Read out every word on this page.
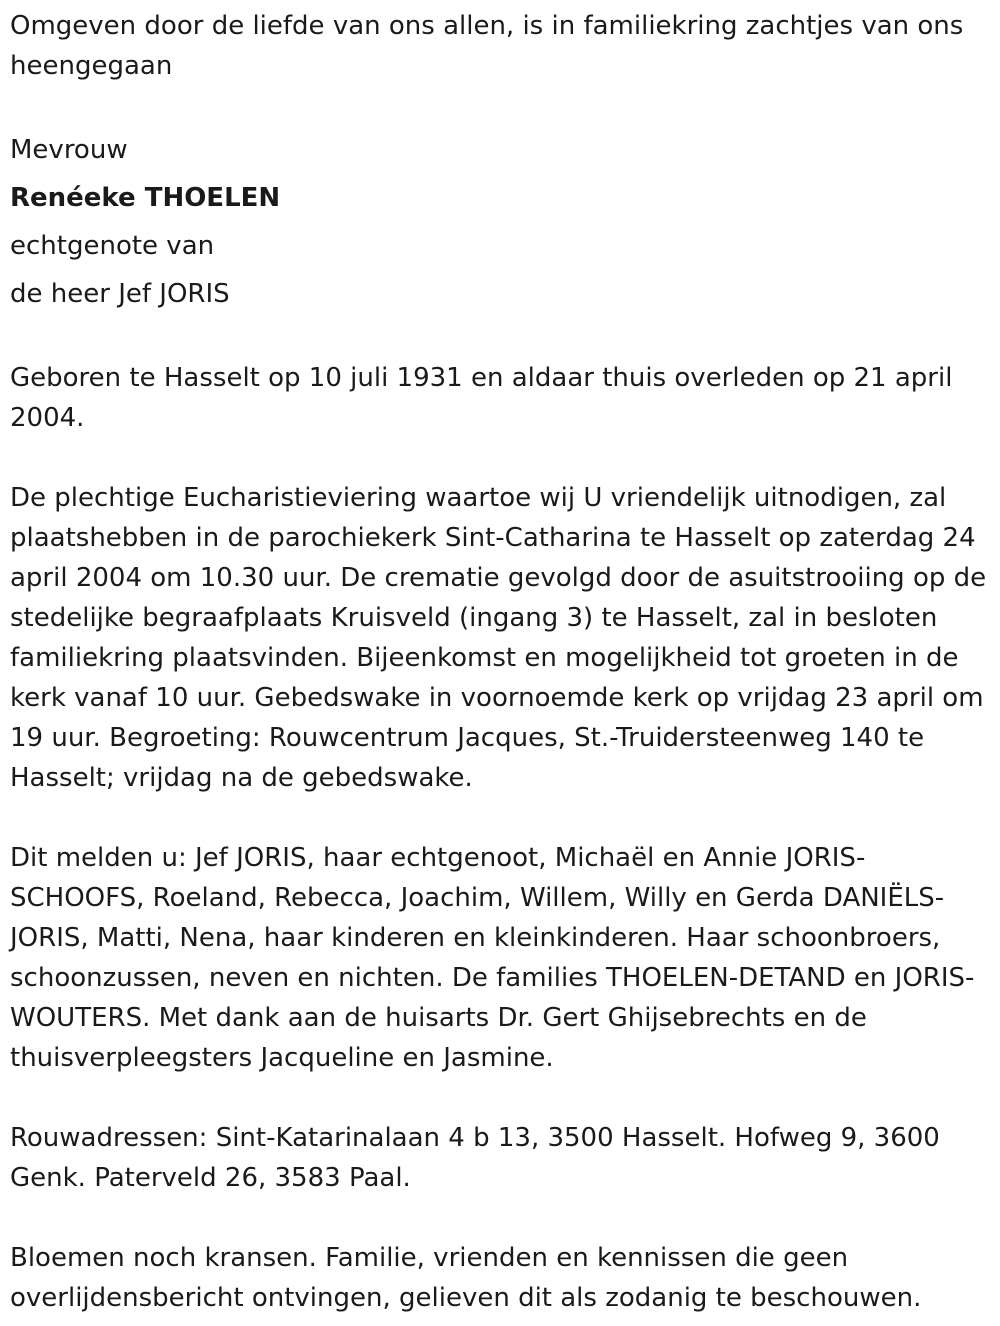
Omgeven door de liefde van ons allen, is in familiekring zachtjes van ons heengegaan

Mevrouw
Renéeke THOELEN
echtgenote van
de heer Jef JORIS

Geboren te Hasselt op 10 juli 1931 en aldaar thuis overleden op 21 april 2004.

De plechtige Eucharistieviering waartoe wij U vriendelijk uitnodigen, zal plaatshebben in de parochiekerk Sint-Catharina te Hasselt op zaterdag 24 april 2004 om 10.30 uur. De crematie gevolgd door de asuitstrooiing op de stedelijke begraafplaats Kruisveld (ingang 3) te Hasselt, zal in besloten familiekring plaatsvinden. Bijeenkomst en mogelijkheid tot groeten in de kerk vanaf 10 uur. Gebedswake in voornoemde kerk op vrijdag 23 april om 19 uur. Begroeting: Rouwcentrum Jacques, St.-Truidersteenweg 140 te Hasselt; vrijdag na de gebedswake.

Dit melden u: Jef JORIS, haar echtgenoot, Michaël en Annie JORIS-SCHOOFS, Roeland, Rebecca, Joachim, Willem, Willy en Gerda DANIËLS-JORIS, Matti, Nena, haar kinderen en kleinkinderen. Haar schoonbroers, schoonzussen, neven en nichten. De families THOELEN-DETAND en JORIS-WOUTERS. Met dank aan de huisarts Dr. Gert Ghijsebrechts en de thuisverpleegsters Jacqueline en Jasmine.

Rouwadressen: Sint-Katarinalaan 4 b 13, 3500 Hasselt. Hofweg 9, 3600 Genk. Paterveld 26, 3583 Paal.

Bloemen noch kransen. Familie, vrienden en kennissen die geen overlijdensbericht ontvingen, gelieven dit als zodanig te beschouwen.
